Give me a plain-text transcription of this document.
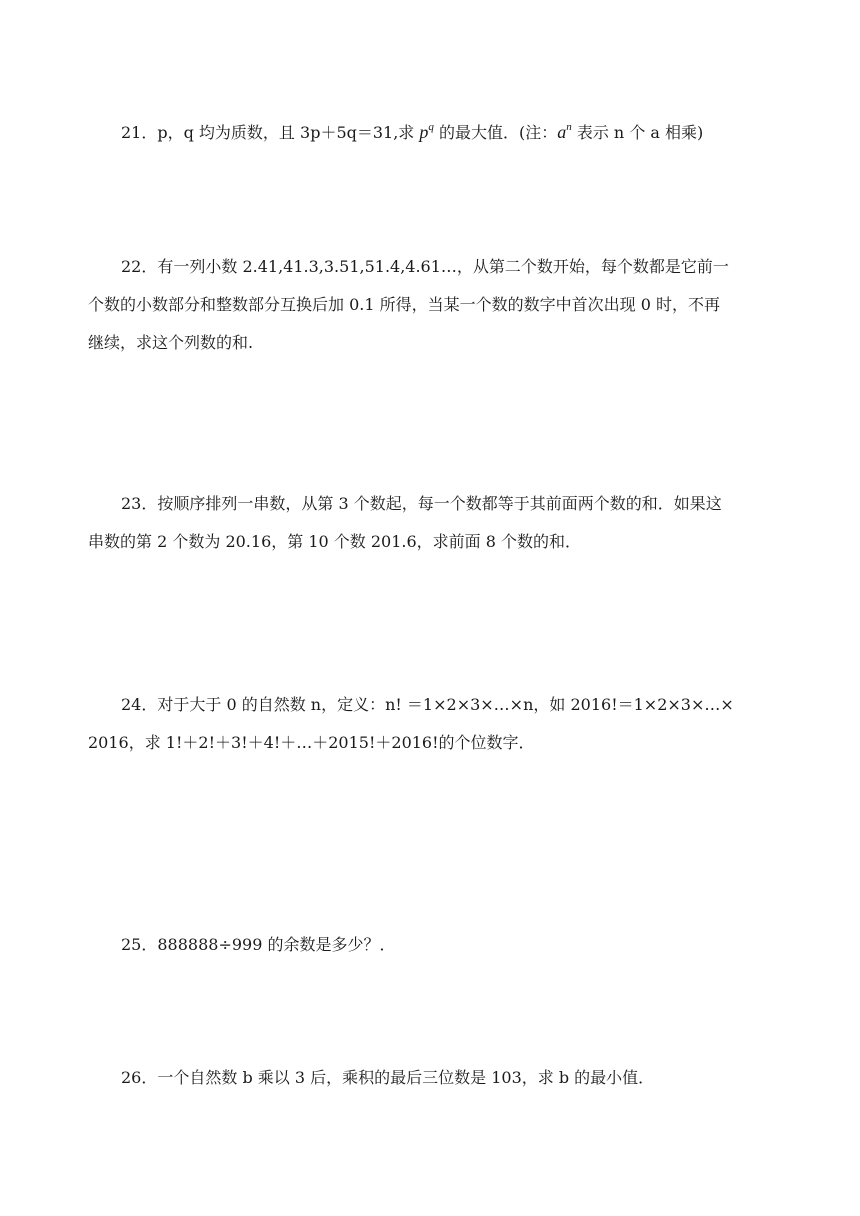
21．p，q 均为质数，且 3p＋5q＝31,求 $p^q$ 的最大值．(注：$a^n$ 表示 n 个 a 相乘)
22．有一列小数 2.41,41.3,3.51,51.4,4.61…，从第二个数开始，每个数都是它前一
个数的小数部分和整数部分互换后加 0.1 所得，当某一个数的数字中首次出现 0 时，不再
继续，求这个列数的和.
23．按顺序排列一串数，从第 3 个数起，每一个数都等于其前面两个数的和．如果这
串数的第 2 个数为 20.16，第 10 个数 201.6，求前面 8 个数的和．
24．对于大于 0 的自然数 n，定义：n! ＝1×2×3×…×n，如 2016!＝1×2×3×…×
2016，求 1!＋2!＋3!＋4!＋…＋2015!＋2016!的个位数字．
25．888888÷999 的余数是多少？．
26．一个自然数 b 乘以 3 后，乘积的最后三位数是 103，求 b 的最小值．
